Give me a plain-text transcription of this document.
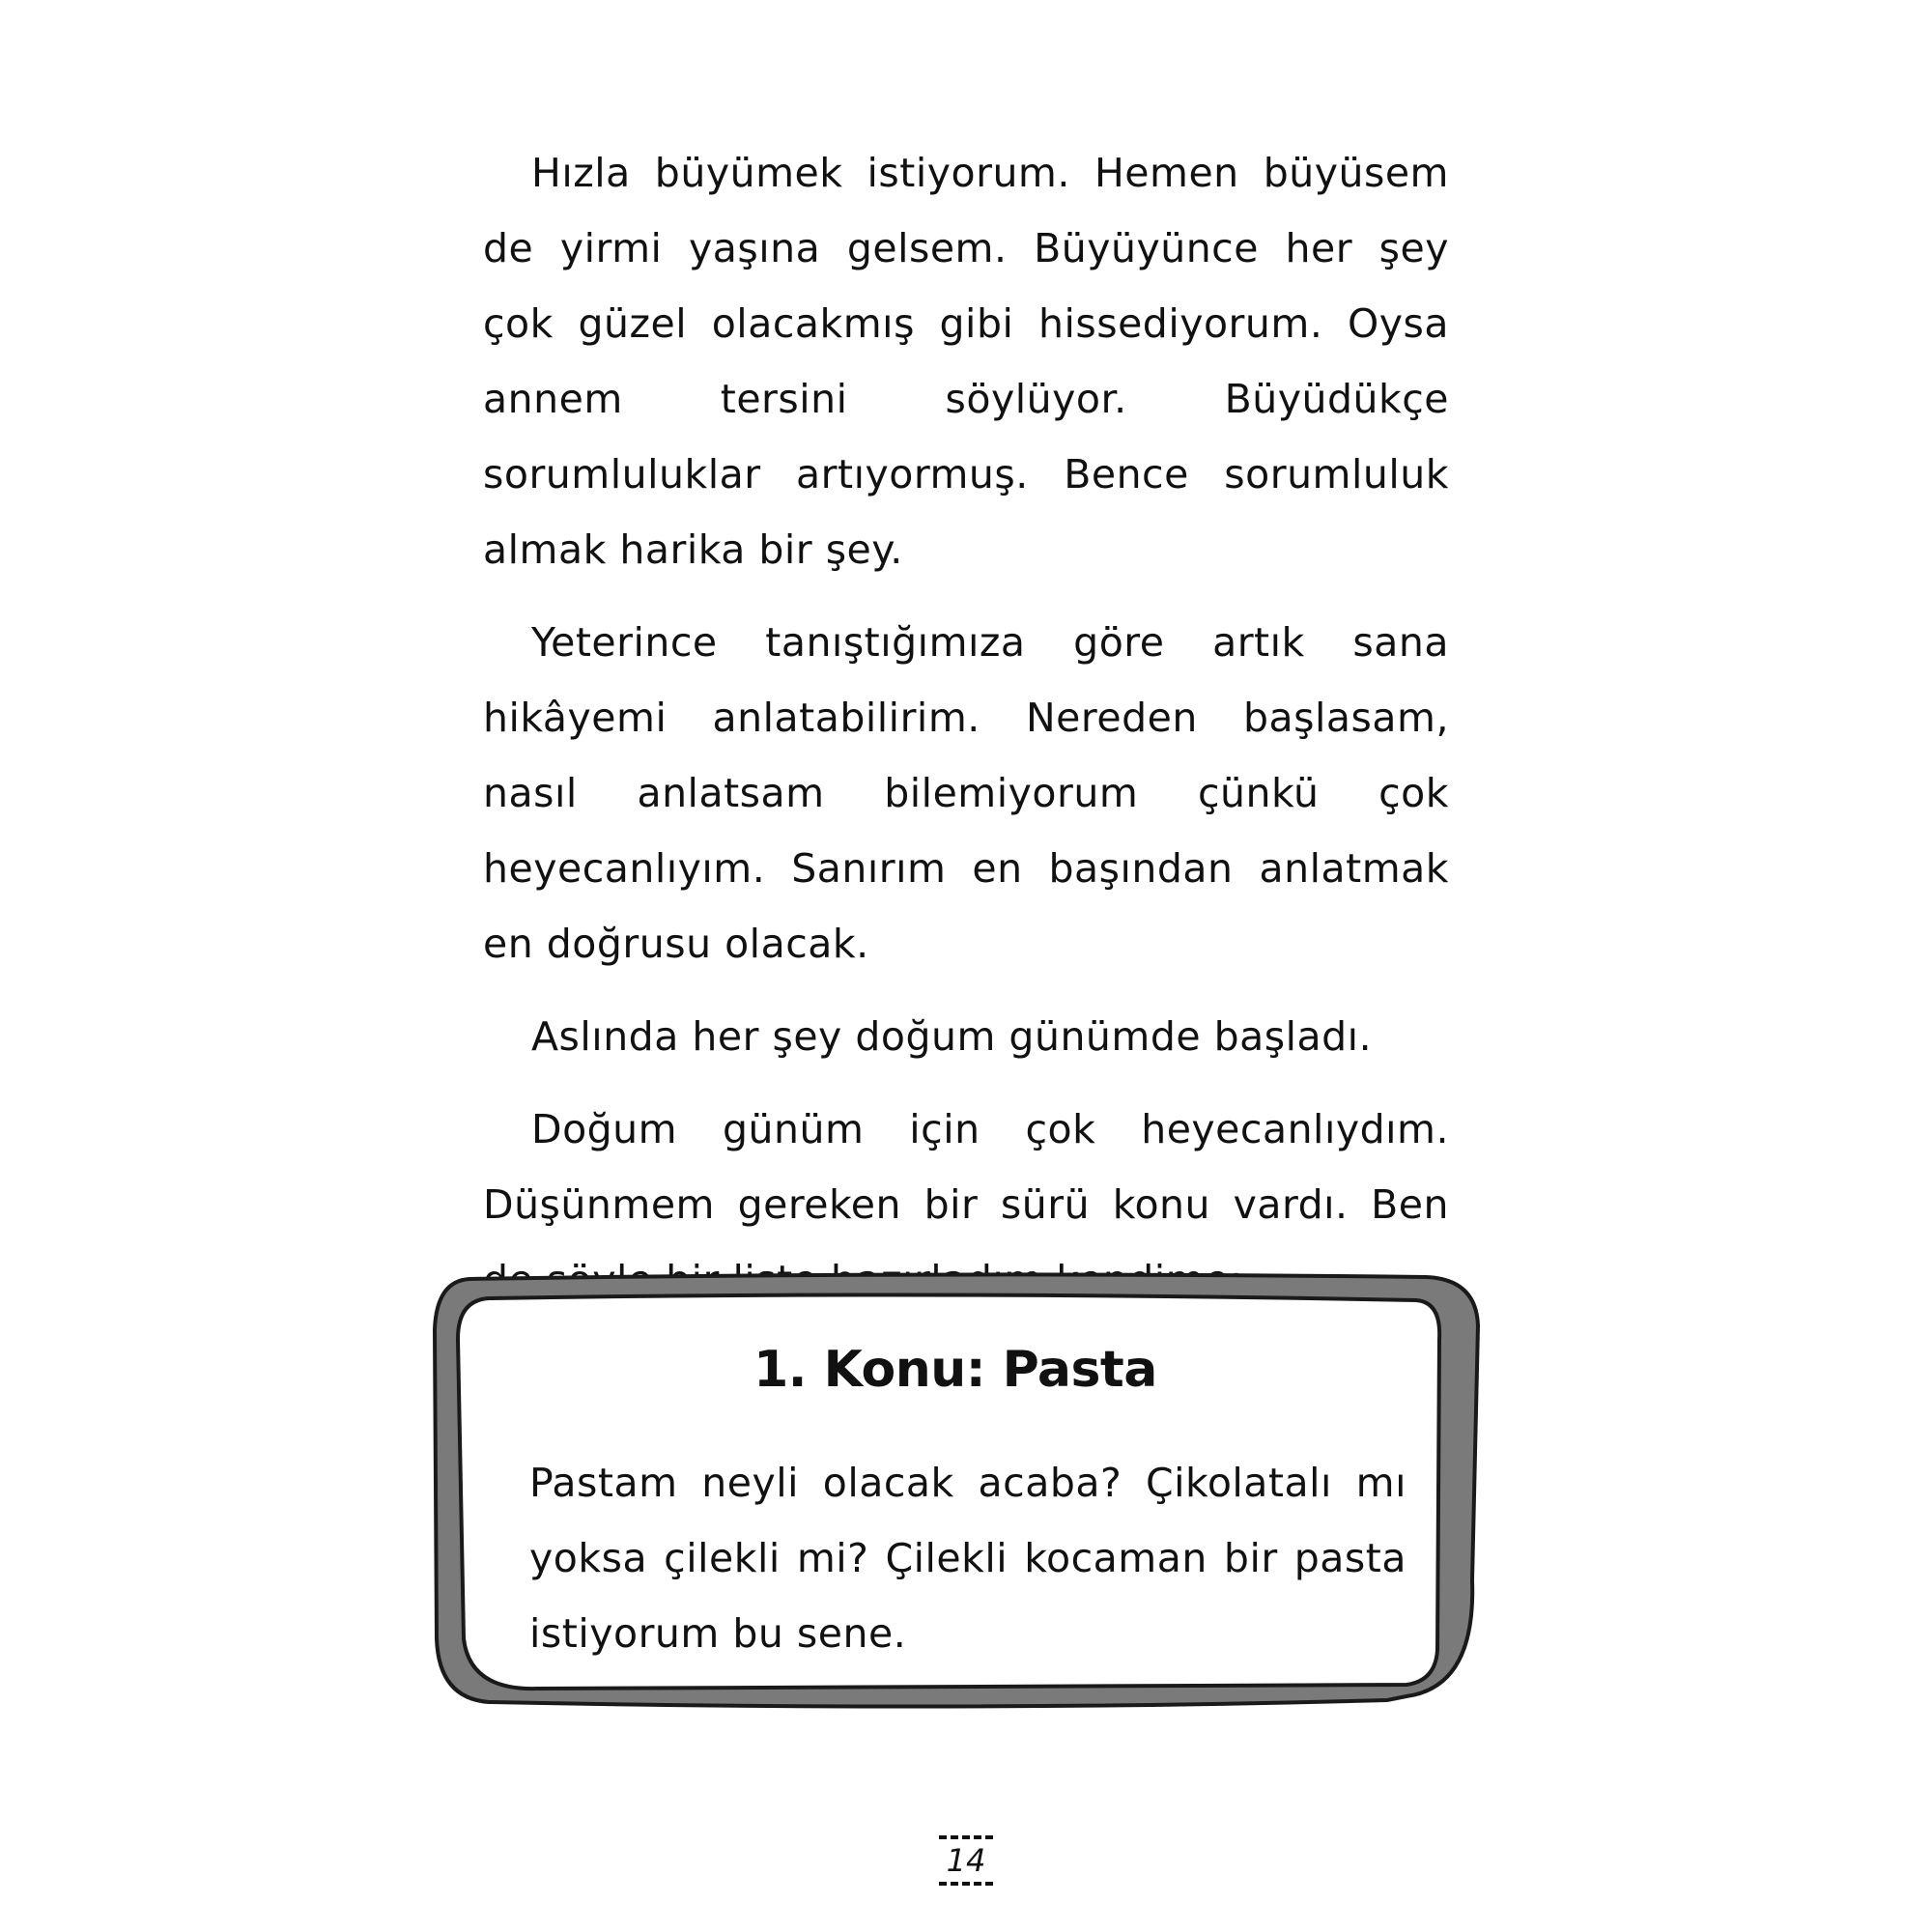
Hızla büyümek istiyorum. Hemen büyüsem de yirmi yaşına gelsem. Büyüyünce her şey çok güzel olacakmış gibi hissediyorum. Oysa annem tersini söylüyor. Büyüdükçe sorumluluklar artıyormuş. Bence sorumluluk almak harika bir şey.

Yeterince tanıştığımıza göre artık sana hikâyemi anlatabilirim. Nereden başlasam, nasıl anlatsam bilemiyorum çünkü çok heyecanlıyım. Sanırım en başından anlatmak en doğrusu olacak.

Aslında her şey doğum günümde başladı.

Doğum günüm için çok heyecanlıydım. Düşünmem gereken bir sürü konu vardı. Ben

1. Konu: Pasta
Pastam neyli olacak acaba? Çikolatalı mı yoksa çilekli mi? Çilekli kocaman bir pasta istiyorum bu sene.
14
